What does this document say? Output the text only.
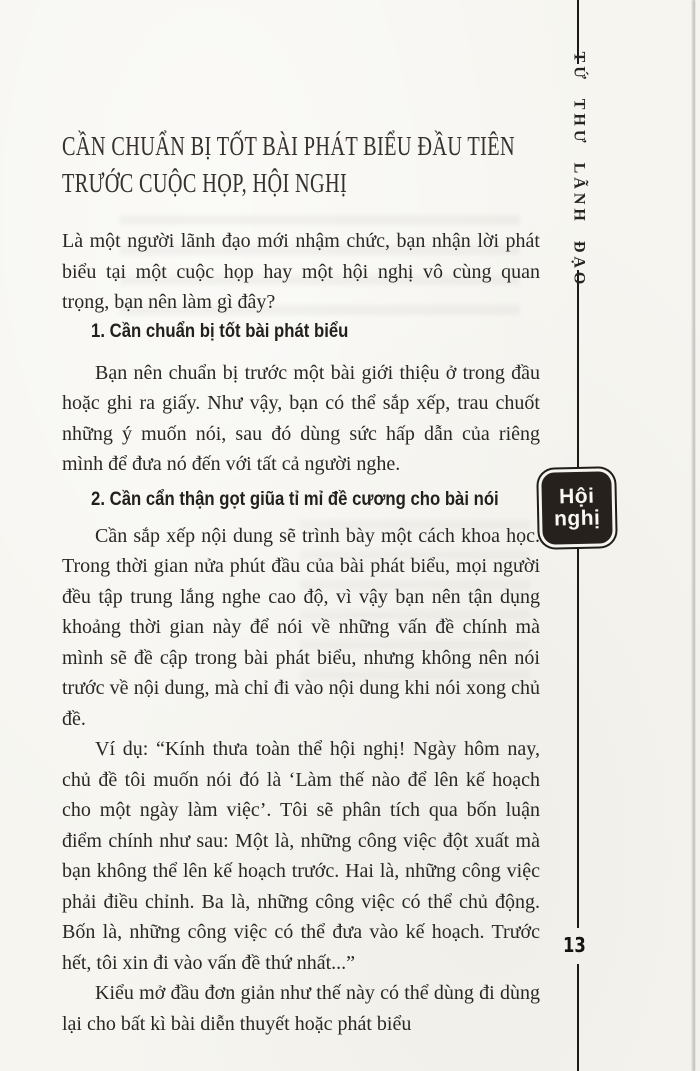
CẦN CHUẨN BỊ TỐT BÀI PHÁT BIỂU ĐẦU TIÊN
TRƯỚC CUỘC HỌP, HỘI NGHỊ

Là một người lãnh đạo mới nhậm chức, bạn nhận lời phát biểu tại một cuộc họp hay một hội nghị vô cùng quan trọng, bạn nên làm gì đây?

1. Cần chuẩn bị tốt bài phát biểu

Bạn nên chuẩn bị trước một bài giới thiệu ở trong đầu hoặc ghi ra giấy. Như vậy, bạn có thể sắp xếp, trau chuốt những ý muốn nói, sau đó dùng sức hấp dẫn của riêng mình để đưa nó đến với tất cả người nghe.

2. Cần cẩn thận gọt giũa tỉ mỉ đề cương cho bài nói

Cần sắp xếp nội dung sẽ trình bày một cách khoa học. Trong thời gian nửa phút đầu của bài phát biểu, mọi người đều tập trung lắng nghe cao độ, vì vậy bạn nên tận dụng khoảng thời gian này để nói về những vấn đề chính mà mình sẽ đề cập trong bài phát biểu, nhưng không nên nói trước về nội dung, mà chỉ đi vào nội dung khi nói xong chủ đề.

Ví dụ: “Kính thưa toàn thể hội nghị! Ngày hôm nay, chủ đề tôi muốn nói đó là ‘Làm thế nào để lên kế hoạch cho một ngày làm việc’. Tôi sẽ phân tích qua bốn luận điểm chính như sau: Một là, những công việc đột xuất mà bạn không thể lên kế hoạch trước. Hai là, những công việc phải điều chỉnh. Ba là, những công việc có thể chủ động. Bốn là, những công việc có thể đưa vào kế hoạch. Trước hết, tôi xin đi vào vấn đề thứ nhất...”

Kiểu mở đầu đơn giản như thế này có thể dùng đi dùng lại cho bất kì bài diễn thuyết hoặc phát biểu

TỨ THƯ LÃNH ĐẠO
Hội
nghị
13
